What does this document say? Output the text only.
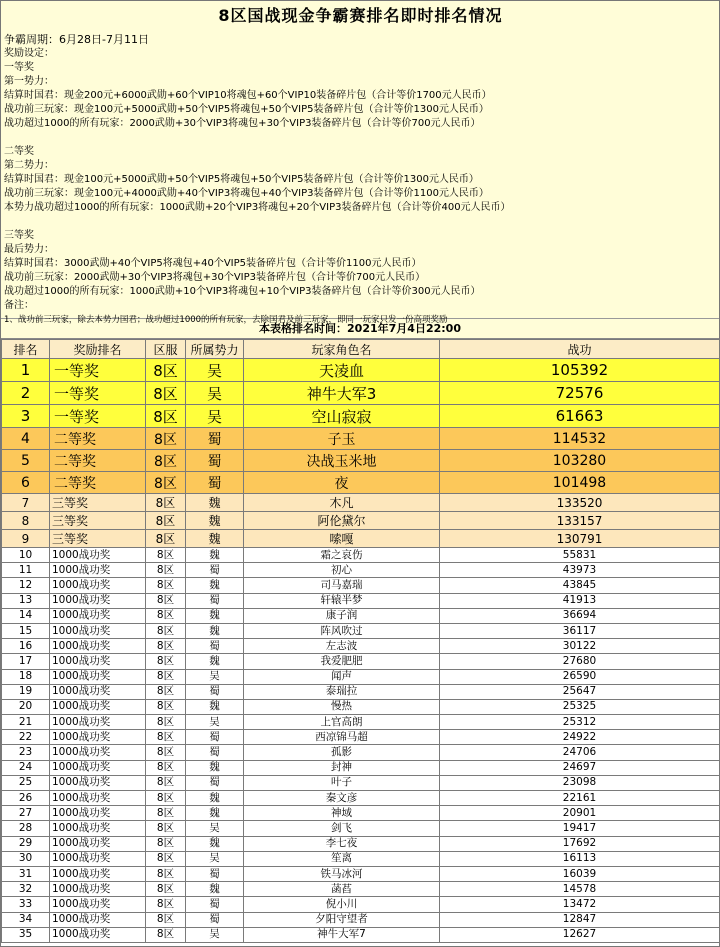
8区国战现金争霸赛排名即时排名情况
争霸周期：6月28日-7月11日
奖励设定：
一等奖
第一势力：
结算时国君：现金200元+6000武勋+60个VIP10将魂包+60个VIP10装备碎片包（合计等价1700元人民币）
战功前三玩家：现金100元+5000武勋+50个VIP5将魂包+50个VIP5装备碎片包（合计等价1300元人民币）
战功超过1000的所有玩家：2000武勋+30个VIP3将魂包+30个VIP3装备碎片包（合计等价700元人民币）
二等奖
第二势力：
结算时国君：现金100元+5000武勋+50个VIP5将魂包+50个VIP5装备碎片包（合计等价1300元人民币）
战功前三玩家：现金100元+4000武勋+40个VIP3将魂包+40个VIP3装备碎片包（合计等价1100元人民币）
本势力战功超过1000的所有玩家：1000武勋+20个VIP3将魂包+20个VIP3装备碎片包（合计等价400元人民币）
三等奖
最后势力：
结算时国君：3000武勋+40个VIP5将魂包+40个VIP5装备碎片包（合计等价1100元人民币）
战功前三玩家：2000武勋+30个VIP3将魂包+30个VIP3装备碎片包（合计等价700元人民币）
战功超过1000的所有玩家：1000武勋+10个VIP3将魂包+10个VIP3装备碎片包（合计等价300元人民币）
备注：
1、战功前三玩家，除去本势力国君；战功超过1000的所有玩家，去除国君及前三玩家，即同一玩家只发一份高项奖励
本表格排名时间：2021年7月4日22:00
排名	奖励排名	区服	所属势力	玩家角色名	战功
1	一等奖	8区	吴	天凌血	105392
2	一等奖	8区	吴	神牛大军3	72576
3	一等奖	8区	吴	空山寂寂	61663
4	二等奖	8区	蜀	子玉	114532
5	二等奖	8区	蜀	决战玉米地	103280
6	二等奖	8区	蜀	夜	101498
7	三等奖	8区	魏	木凡	133520
8	三等奖	8区	魏	阿伦黛尔	133157
9	三等奖	8区	魏	嗦嘎	130791
10	1000战功奖	8区	魏	霜之哀伤	55831
11	1000战功奖	8区	蜀	初心	43973
12	1000战功奖	8区	魏	司马嘉瑞	43845
13	1000战功奖	8区	蜀	轩辕半梦	41913
14	1000战功奖	8区	魏	康子润	36694
15	1000战功奖	8区	魏	阵风吹过	36117
16	1000战功奖	8区	蜀	左志波	30122
17	1000战功奖	8区	魏	我爱肥肥	27680
18	1000战功奖	8区	吴	闻声	26590
19	1000战功奖	8区	蜀	泰瑞拉	25647
20	1000战功奖	8区	魏	慢热	25325
21	1000战功奖	8区	吴	上官高朗	25312
22	1000战功奖	8区	蜀	西凉锦马超	24922
23	1000战功奖	8区	蜀	孤影	24706
24	1000战功奖	8区	魏	封神	24697
25	1000战功奖	8区	蜀	叶子	23098
26	1000战功奖	8区	魏	秦文彦	22161
27	1000战功奖	8区	魏	神域	20901
28	1000战功奖	8区	吴	剑飞	19417
29	1000战功奖	8区	魏	李七夜	17692
30	1000战功奖	8区	吴	笙离	16113
31	1000战功奖	8区	蜀	铁马冰河	16039
32	1000战功奖	8区	魏	菡萏	14578
33	1000战功奖	8区	蜀	倪小川	13472
34	1000战功奖	8区	蜀	夕阳守望者	12847
35	1000战功奖	8区	吴	神牛大军7	12627
